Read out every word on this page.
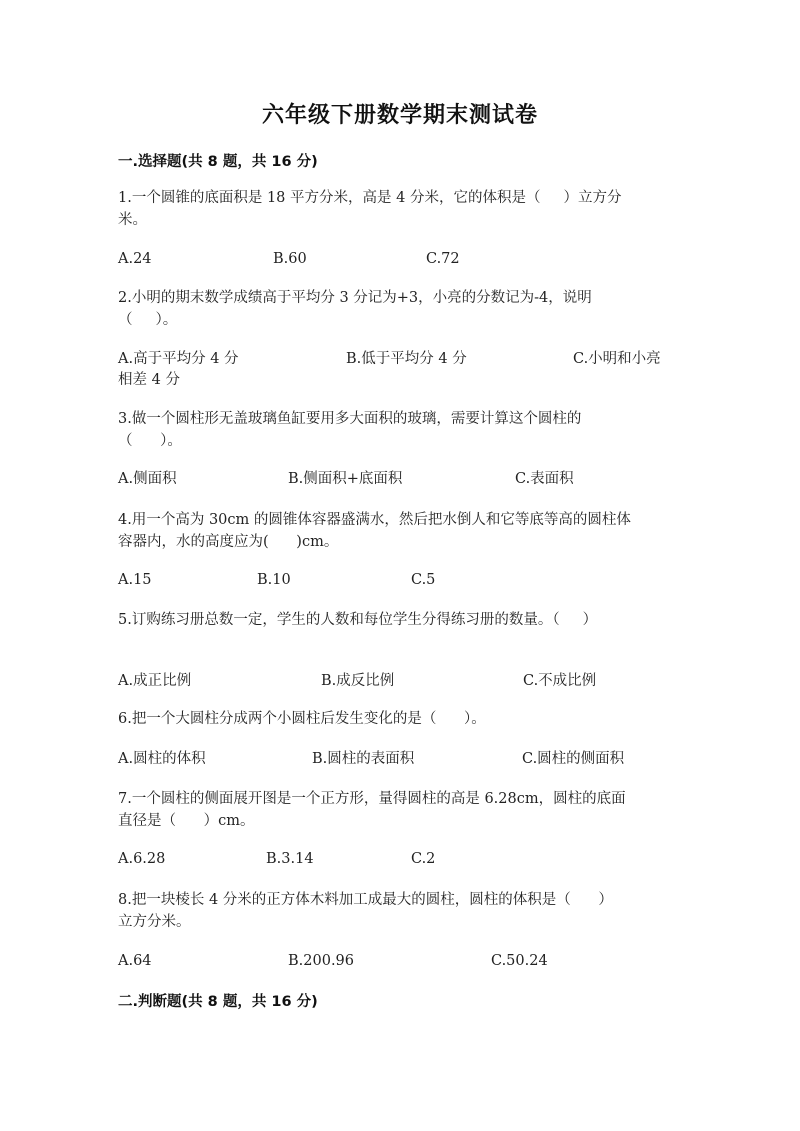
六年级下册数学期末测试卷
一.选择题(共 8 题，共 16 分)

1.一个圆锥的底面积是 18 平方分米，高是 4 分米，它的体积是（     ）立方分

米。

A.24	B.60	C.72

2.小明的期末数学成绩高于平均分 3 分记为+3，小亮的分数记为-4，说明

（     ）。

A.高于平均分 4 分	B.低于平均分 4 分	C.小明和小亮
相差 4 分

3.做一个圆柱形无盖玻璃鱼缸要用多大面积的玻璃，需要计算这个圆柱的

（      ）。

A.侧面积	B.侧面积+底面积	C.表面积

4.用一个高为 30cm 的圆锥体容器盛满水，然后把水倒人和它等底等高的圆柱体

容器内，水的高度应为(      )cm。

A.15	B.10	C.5

5.订购练习册总数一定，学生的人数和每位学生分得练习册的数量。（     ）

A.成正比例	B.成反比例	C.不成比例

6.把一个大圆柱分成两个小圆柱后发生变化的是（      ）。

A.圆柱的体积	B.圆柱的表面积	C.圆柱的侧面积

7.一个圆柱的侧面展开图是一个正方形，量得圆柱的高是 6.28cm，圆柱的底面

直径是（      ）cm。

A.6.28	B.3.14	C.2

8.把一块棱长 4 分米的正方体木料加工成最大的圆柱，圆柱的体积是（      ）

立方分米。

A.64	B.200.96	C.50.24
二.判断题(共 8 题，共 16 分)
